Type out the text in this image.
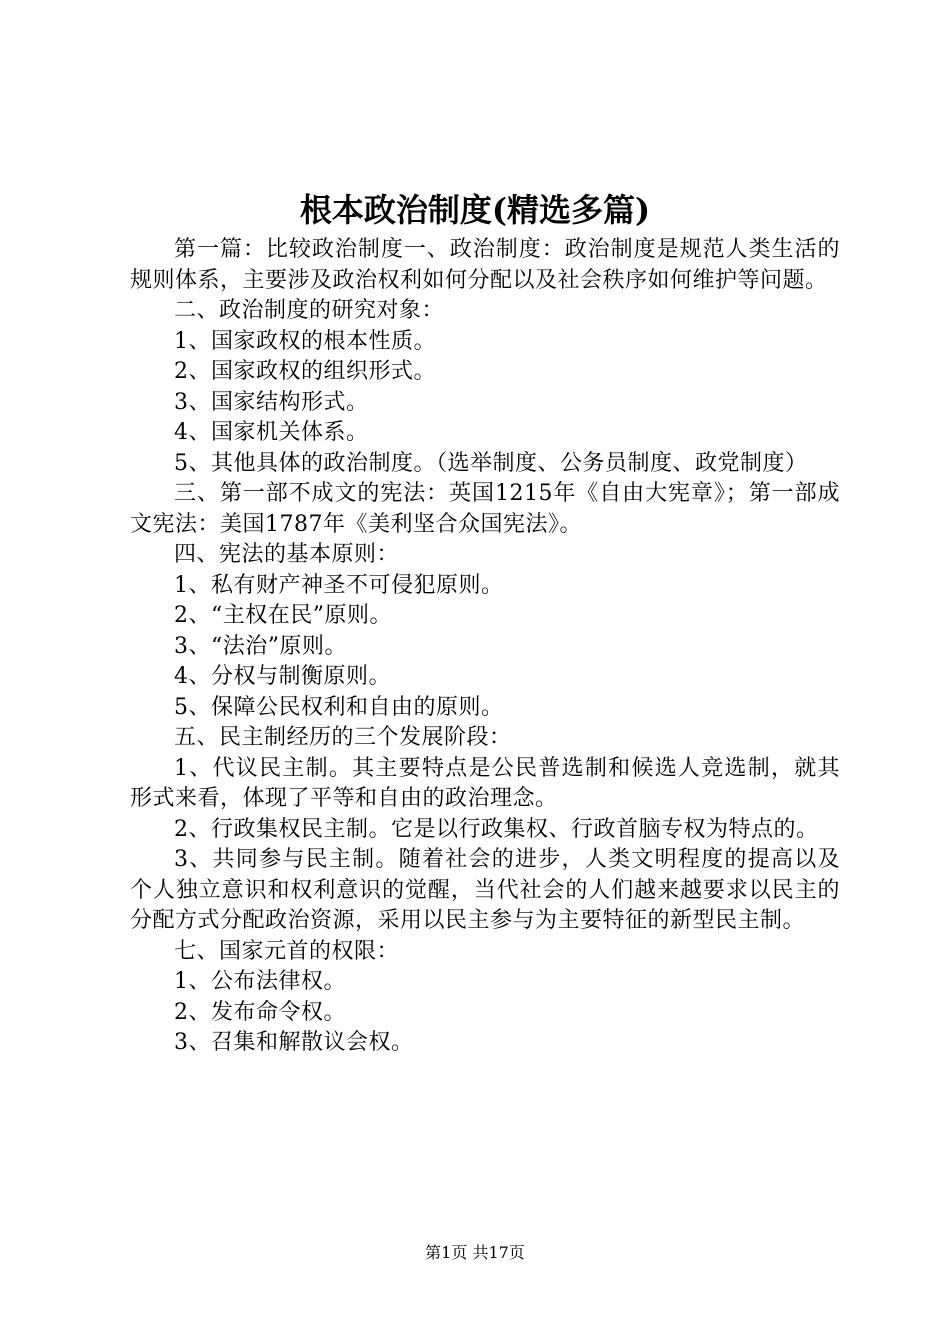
根本政治制度(精选多篇)

第一篇：比较政治制度一、政治制度：政治制度是规范人类生活的规则体系，主要涉及政治权利如何分配以及社会秩序如何维护等问题。

二、政治制度的研究对象：

1、国家政权的根本性质。

2、国家政权的组织形式。

3、国家结构形式。

4、国家机关体系。

5、其他具体的政治制度。（选举制度、公务员制度、政党制度）

三、第一部不成文的宪法：英国1215年《自由大宪章》；第一部成文宪法：美国1787年《美利坚合众国宪法》。

四、宪法的基本原则：

1、私有财产神圣不可侵犯原则。

2、“主权在民”原则。

3、“法治”原则。

4、分权与制衡原则。

5、保障公民权利和自由的原则。

五、民主制经历的三个发展阶段：

1、代议民主制。其主要特点是公民普选制和候选人竞选制，就其形式来看，体现了平等和自由的政治理念。

2、行政集权民主制。它是以行政集权、行政首脑专权为特点的。

3、共同参与民主制。随着社会的进步，人类文明程度的提高以及个人独立意识和权利意识的觉醒，当代社会的人们越来越要求以民主的分配方式分配政治资源，采用以民主参与为主要特征的新型民主制。

七、国家元首的权限：

1、公布法律权。

2、发布命令权。

3、召集和解散议会权。

第1页 共17页
